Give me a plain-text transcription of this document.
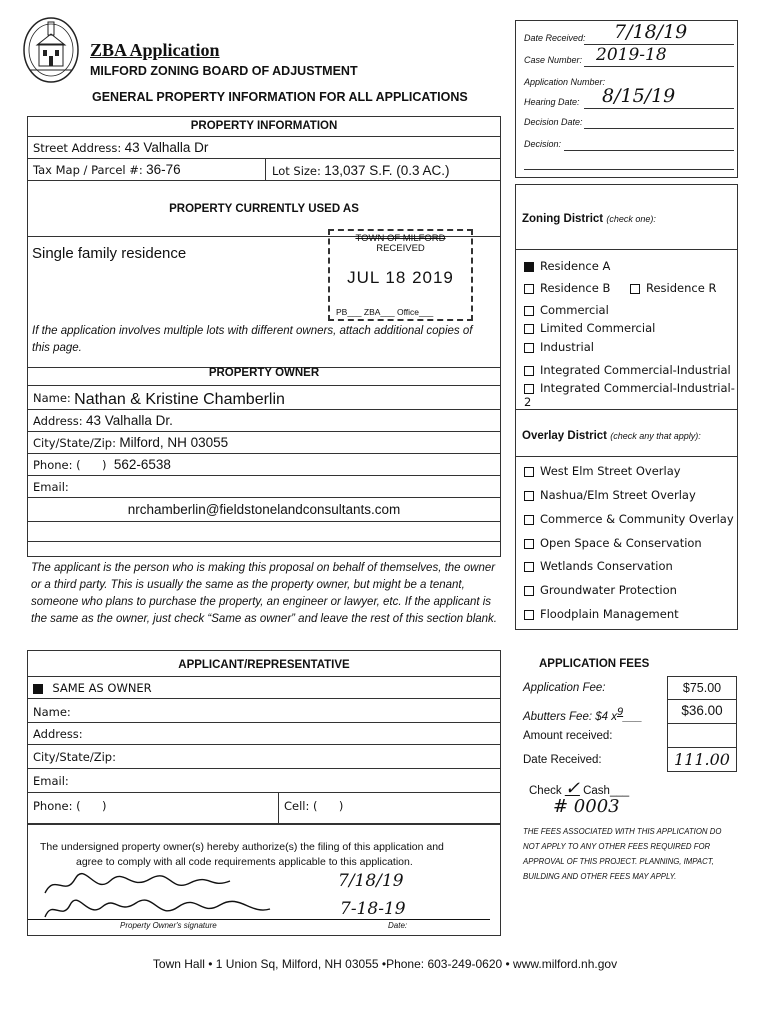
ZBA Application
MILFORD ZONING BOARD OF ADJUSTMENT
GENERAL PROPERTY INFORMATION FOR ALL APPLICATIONS
Date Received: 7/18/19
Case Number: 2019-18
Application Number:
Hearing Date: 8/15/19
Decision Date:
Decision:
PROPERTY INFORMATION
Street Address: 43 Valhalla Dr
Tax Map / Parcel #: 36-76	Lot Size: 13,037 S.F. (0.3 AC.)
PROPERTY CURRENTLY USED AS
Single family residence
If the application involves multiple lots with different owners, attach additional copies of this page.
TOWN OF MILFORD
RECEIVED
JUL 18 2019
PB___ ZBA___ Office___
PROPERTY OWNER
Name: Nathan & Kristine Chamberlin
Address: 43 Valhalla Dr.
City/State/Zip: Milford, NH 03055
Phone: ( ) 562-6538
Email:
nrchamberlin@fieldstonelandconsultants.com
The applicant is the person who is making this proposal on behalf of themselves, the owner or a third party. This is usually the same as the property owner, but might be a tenant, someone who plans to purchase the property, an engineer or lawyer, etc. If the applicant is the same as the owner, just check “Same as owner” and leave the rest of this section blank.
APPLICANT/REPRESENTATIVE
SAME AS OWNER
Name:
Address:
City/State/Zip:
Email:
Phone: ( )	Cell: ( )
The undersigned property owner(s) hereby authorize(s) the filing of this application and
agree to comply with all code requirements applicable to this application.
7/18/19
7-18-19
Property Owner's signature	Date:
Zoning District (check one):
Residence A
Residence B	Residence R
Commercial
Limited Commercial
Industrial
Integrated Commercial-Industrial
Integrated Commercial-Industrial-2
Overlay District (check any that apply):
West Elm Street Overlay
Nashua/Elm Street Overlay
Commerce & Community Overlay
Open Space & Conservation
Wetlands Conservation
Groundwater Protection
Floodplain Management
APPLICATION FEES
Application Fee:	$75.00
Abutters Fee: $4 $x^9\_\_\_$	$36.00
Amount received:
Date Received:	111.00
Check ✓ Cash___
# 0003
THE FEES ASSOCIATED WITH THIS APPLICATION DO NOT APPLY TO ANY OTHER FEES REQUIRED FOR APPROVAL OF THIS PROJECT. PLANNING, IMPACT, BUILDING AND OTHER FEES MAY APPLY.
Town Hall • 1 Union Sq, Milford, NH 03055 •Phone: 603-249-0620 • www.milford.nh.gov
